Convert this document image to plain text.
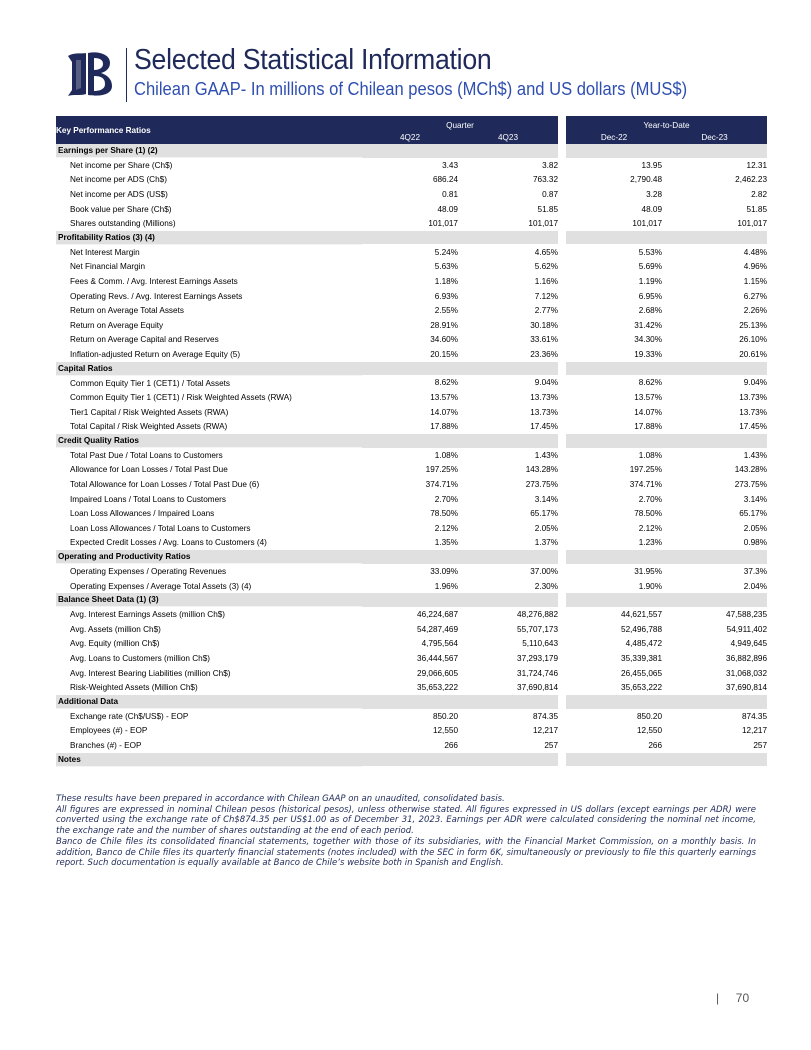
Selected Statistical Information
Chilean GAAP- In millions of Chilean pesos (MCh$) and US dollars (MUS$)
Key Performance Ratios	Quarter			Year-to-Date	
	4Q22	4Q23		Dec-22	Dec-23
Earnings per Share (1) (2)					
Net income per Share (Ch$)	3.43	3.82		13.95	12.31
Net income per ADS (Ch$)	686.24	763.32		2,790.48	2,462.23
Net income per ADS (US$)	0.81	0.87		3.28	2.82
Book value per Share (Ch$)	48.09	51.85		48.09	51.85
Shares outstanding (Millions)	101,017	101,017		101,017	101,017
Profitability Ratios (3) (4)					
Net Interest Margin	5.24%	4.65%		5.53%	4.48%
Net Financial Margin	5.63%	5.62%		5.69%	4.96%
Fees & Comm. / Avg. Interest Earnings Assets	1.18%	1.16%		1.19%	1.15%
Operating Revs. / Avg. Interest Earnings Assets	6.93%	7.12%		6.95%	6.27%
Return on Average Total Assets	2.55%	2.77%		2.68%	2.26%
Return on Average Equity	28.91%	30.18%		31.42%	25.13%
Return on Average Capital and Reserves	34.60%	33.61%		34.30%	26.10%
Inflation-adjusted Return on Average Equity (5)	20.15%	23.36%		19.33%	20.61%
Capital Ratios					
Common Equity Tier 1 (CET1) / Total Assets	8.62%	9.04%		8.62%	9.04%
Common Equity Tier 1 (CET1) / Risk Weighted Assets (RWA)	13.57%	13.73%		13.57%	13.73%
Tier1 Capital / Risk Weighted Assets (RWA)	14.07%	13.73%		14.07%	13.73%
Total Capital / Risk Weighted Assets (RWA)	17.88%	17.45%		17.88%	17.45%
Credit Quality Ratios					
Total Past Due / Total Loans to Customers	1.08%	1.43%		1.08%	1.43%
Allowance for Loan Losses / Total Past Due	197.25%	143.28%		197.25%	143.28%
Total Allowance for Loan Losses / Total Past Due (6)	374.71%	273.75%		374.71%	273.75%
Impaired Loans / Total Loans to Customers	2.70%	3.14%		2.70%	3.14%
Loan Loss Allowances / Impaired Loans	78.50%	65.17%		78.50%	65.17%
Loan Loss Allowances / Total Loans to Customers	2.12%	2.05%		2.12%	2.05%
Expected Credit Losses / Avg. Loans to Customers (4)	1.35%	1.37%		1.23%	0.98%
Operating and Productivity Ratios					
Operating Expenses / Operating Revenues	33.09%	37.00%		31.95%	37.3%
Operating Expenses / Average Total Assets (3) (4)	1.96%	2.30%		1.90%	2.04%
Balance Sheet Data (1) (3)					
Avg. Interest Earnings Assets (million Ch$)	46,224,687	48,276,882		44,621,557	47,588,235
Avg. Assets (million Ch$)	54,287,469	55,707,173		52,496,788	54,911,402
Avg. Equity (million Ch$)	4,795,564	5,110,643		4,485,472	4,949,645
Avg. Loans to Customers (million Ch$)	36,444,567	37,293,179		35,339,381	36,882,896
Avg. Interest Bearing Liabilities (million Ch$)	29,066,605	31,724,746		26,455,065	31,068,032
Risk-Weighted Assets (Million Ch$)	35,653,222	37,690,814		35,653,222	37,690,814
Additional Data					
Exchange rate (Ch$/US$) - EOP	850.20	874.35		850.20	874.35
Employees (#) - EOP	12,550	12,217		12,550	12,217
Branches (#) - EOP	266	257		266	257
Notes					

These results have been prepared in accordance with Chilean GAAP on an unaudited, consolidated basis.

All figures are expressed in nominal Chilean pesos (historical pesos), unless otherwise stated. All figures expressed in US dollars (except earnings per ADR) were converted using the exchange rate of Ch$874.35 per US$1.00 as of December 31, 2023. Earnings per ADR were calculated considering the nominal net income, the exchange rate and the number of shares outstanding at the end of each period.

Banco de Chile files its consolidated financial statements, together with those of its subsidiaries, with the Financial Market Commission, on a monthly basis. In addition, Banco de Chile files its quarterly financial statements (notes included) with the SEC in form 6K, simultaneously or previously to file this quarterly earnings report. Such documentation is equally available at Banco de Chile’s website both in Spanish and English.

| 70
